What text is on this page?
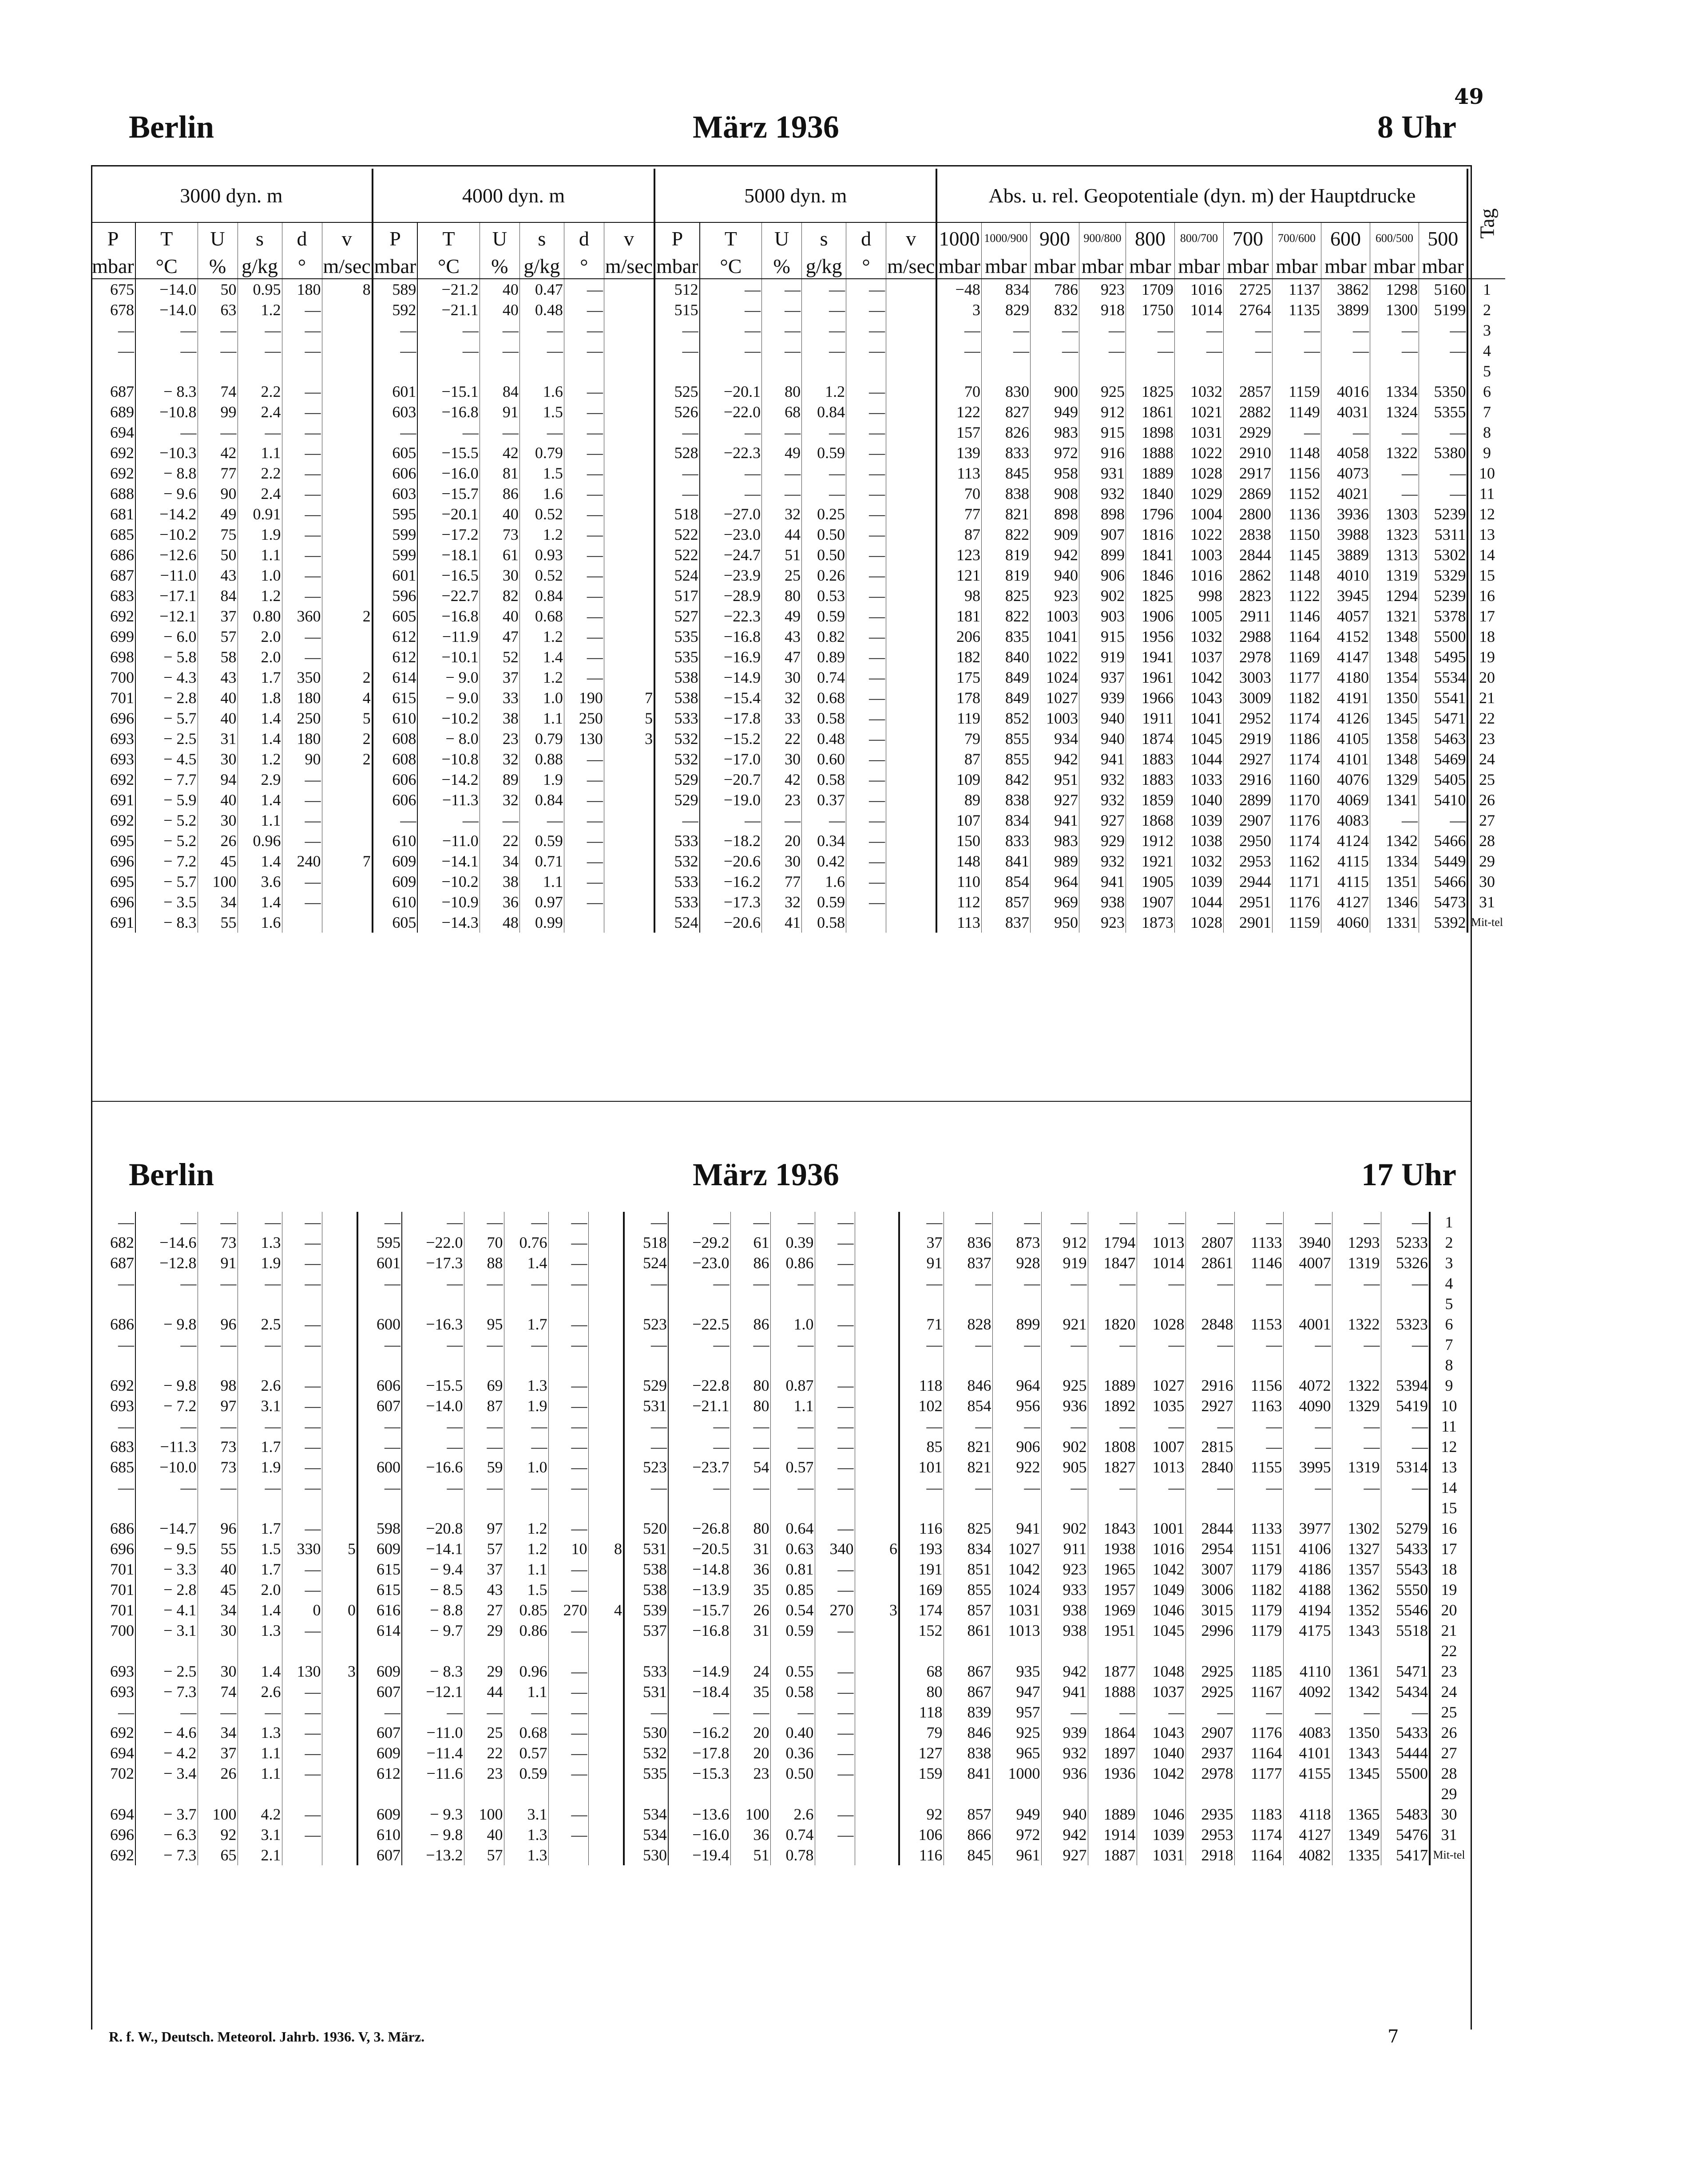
49
Berlin	März 1936	8 Uhr
3000 dyn. m						4000 dyn. m						5000 dyn. m						Abs. u. rel. Geopotentiale (dyn. m) der Hauptdrucke											Tag
P	T	U	s	d	v	P	T	U	s	d	v	P	T	U	s	d	v	1000	1000/900	900	900/800	800	800/700	700	700/600	600	600/500	500	
mbar	°C	%	g/kg	°	m/sec	mbar	°C	%	g/kg	°	m/sec	mbar	°C	%	g/kg	°	m/sec	mbar	mbar	mbar	mbar	mbar	mbar	mbar	mbar	mbar	mbar	mbar	
675	−14.0	50	0.95	180	8	589	−21.2	40	0.47	—		512	—	—	—	—		−48	834	786	923	1709	1016	2725	1137	3862	1298	5160	1
678	−14.0	63	1.2	—		592	−21.1	40	0.48	—		515	—	—	—	—		3	829	832	918	1750	1014	2764	1135	3899	1300	5199	2
—	—	—	—	—		—	—	—	—	—		—	—	—	—	—		—	—	—	—	—	—	—	—	—	—	—	3
—	—	—	—	—		—	—	—	—	—		—	—	—	—	—		—	—	—	—	—	—	—	—	—	—	—	4
																													5
687	− 8.3	74	2.2	—		601	−15.1	84	1.6	—		525	−20.1	80	1.2	—		70	830	900	925	1825	1032	2857	1159	4016	1334	5350	6
689	−10.8	99	2.4	—		603	−16.8	91	1.5	—		526	−22.0	68	0.84	—		122	827	949	912	1861	1021	2882	1149	4031	1324	5355	7
694	—	—	—	—		—	—	—	—	—		—	—	—	—	—		157	826	983	915	1898	1031	2929	—	—	—	—	8
692	−10.3	42	1.1	—		605	−15.5	42	0.79	—		528	−22.3	49	0.59	—		139	833	972	916	1888	1022	2910	1148	4058	1322	5380	9
692	− 8.8	77	2.2	—		606	−16.0	81	1.5	—		—	—	—	—	—		113	845	958	931	1889	1028	2917	1156	4073	—	—	10
688	− 9.6	90	2.4	—		603	−15.7	86	1.6	—		—	—	—	—	—		70	838	908	932	1840	1029	2869	1152	4021	—	—	11
681	−14.2	49	0.91	—		595	−20.1	40	0.52	—		518	−27.0	32	0.25	—		77	821	898	898	1796	1004	2800	1136	3936	1303	5239	12
685	−10.2	75	1.9	—		599	−17.2	73	1.2	—		522	−23.0	44	0.50	—		87	822	909	907	1816	1022	2838	1150	3988	1323	5311	13
686	−12.6	50	1.1	—		599	−18.1	61	0.93	—		522	−24.7	51	0.50	—		123	819	942	899	1841	1003	2844	1145	3889	1313	5302	14
687	−11.0	43	1.0	—		601	−16.5	30	0.52	—		524	−23.9	25	0.26	—		121	819	940	906	1846	1016	2862	1148	4010	1319	5329	15
683	−17.1	84	1.2	—		596	−22.7	82	0.84	—		517	−28.9	80	0.53	—		98	825	923	902	1825	998	2823	1122	3945	1294	5239	16
692	−12.1	37	0.80	360	2	605	−16.8	40	0.68	—		527	−22.3	49	0.59	—		181	822	1003	903	1906	1005	2911	1146	4057	1321	5378	17
699	− 6.0	57	2.0	—		612	−11.9	47	1.2	—		535	−16.8	43	0.82	—		206	835	1041	915	1956	1032	2988	1164	4152	1348	5500	18
698	− 5.8	58	2.0	—		612	−10.1	52	1.4	—		535	−16.9	47	0.89	—		182	840	1022	919	1941	1037	2978	1169	4147	1348	5495	19
700	− 4.3	43	1.7	350	2	614	− 9.0	37	1.2	—		538	−14.9	30	0.74	—		175	849	1024	937	1961	1042	3003	1177	4180	1354	5534	20
701	− 2.8	40	1.8	180	4	615	− 9.0	33	1.0	190	7	538	−15.4	32	0.68	—		178	849	1027	939	1966	1043	3009	1182	4191	1350	5541	21
696	− 5.7	40	1.4	250	5	610	−10.2	38	1.1	250	5	533	−17.8	33	0.58	—		119	852	1003	940	1911	1041	2952	1174	4126	1345	5471	22
693	− 2.5	31	1.4	180	2	608	− 8.0	23	0.79	130	3	532	−15.2	22	0.48	—		79	855	934	940	1874	1045	2919	1186	4105	1358	5463	23
693	− 4.5	30	1.2	90	2	608	−10.8	32	0.88	—		532	−17.0	30	0.60	—		87	855	942	941	1883	1044	2927	1174	4101	1348	5469	24
692	− 7.7	94	2.9	—		606	−14.2	89	1.9	—		529	−20.7	42	0.58	—		109	842	951	932	1883	1033	2916	1160	4076	1329	5405	25
691	− 5.9	40	1.4	—		606	−11.3	32	0.84	—		529	−19.0	23	0.37	—		89	838	927	932	1859	1040	2899	1170	4069	1341	5410	26
692	− 5.2	30	1.1	—		—	—	—	—	—		—	—	—	—	—		107	834	941	927	1868	1039	2907	1176	4083	—	—	27
695	− 5.2	26	0.96	—		610	−11.0	22	0.59	—		533	−18.2	20	0.34	—		150	833	983	929	1912	1038	2950	1174	4124	1342	5466	28
696	− 7.2	45	1.4	240	7	609	−14.1	34	0.71	—		532	−20.6	30	0.42	—		148	841	989	932	1921	1032	2953	1162	4115	1334	5449	29
695	− 5.7	100	3.6	—		609	−10.2	38	1.1	—		533	−16.2	77	1.6	—		110	854	964	941	1905	1039	2944	1171	4115	1351	5466	30
696	− 3.5	34	1.4	—		610	−10.9	36	0.97	—		533	−17.3	32	0.59	—		112	857	969	938	1907	1044	2951	1176	4127	1346	5473	31
691	− 8.3	55	1.6			605	−14.3	48	0.99			524	−20.6	41	0.58			113	837	950	923	1873	1028	2901	1159	4060	1331	5392	Mit-tel
Berlin	März 1936	17 Uhr
—	—	—	—	—		—	—	—	—	—		—	—	—	—	—		—	—	—	—	—	—	—	—	—	—	—	1
682	−14.6	73	1.3	—		595	−22.0	70	0.76	—		518	−29.2	61	0.39	—		37	836	873	912	1794	1013	2807	1133	3940	1293	5233	2
687	−12.8	91	1.9	—		601	−17.3	88	1.4	—		524	−23.0	86	0.86	—		91	837	928	919	1847	1014	2861	1146	4007	1319	5326	3
—	—	—	—	—		—	—	—	—	—		—	—	—	—	—		—	—	—	—	—	—	—	—	—	—	—	4
																													5
686	− 9.8	96	2.5	—		600	−16.3	95	1.7	—		523	−22.5	86	1.0	—		71	828	899	921	1820	1028	2848	1153	4001	1322	5323	6
—	—	—	—	—		—	—	—	—	—		—	—	—	—	—		—	—	—	—	—	—	—	—	—	—	—	7
																													8
692	− 9.8	98	2.6	—		606	−15.5	69	1.3	—		529	−22.8	80	0.87	—		118	846	964	925	1889	1027	2916	1156	4072	1322	5394	9
693	− 7.2	97	3.1	—		607	−14.0	87	1.9	—		531	−21.1	80	1.1	—		102	854	956	936	1892	1035	2927	1163	4090	1329	5419	10
—	—	—	—	—		—	—	—	—	—		—	—	—	—	—		—	—	—	—	—	—	—	—	—	—	—	11
683	−11.3	73	1.7	—		—	—	—	—	—		—	—	—	—	—		85	821	906	902	1808	1007	2815	—	—	—	—	12
685	−10.0	73	1.9	—		600	−16.6	59	1.0	—		523	−23.7	54	0.57	—		101	821	922	905	1827	1013	2840	1155	3995	1319	5314	13
—	—	—	—	—		—	—	—	—	—		—	—	—	—	—		—	—	—	—	—	—	—	—	—	—	—	14
																													15
686	−14.7	96	1.7	—		598	−20.8	97	1.2	—		520	−26.8	80	0.64	—		116	825	941	902	1843	1001	2844	1133	3977	1302	5279	16
696	− 9.5	55	1.5	330	5	609	−14.1	57	1.2	10	8	531	−20.5	31	0.63	340	6	193	834	1027	911	1938	1016	2954	1151	4106	1327	5433	17
701	− 3.3	40	1.7	—		615	− 9.4	37	1.1	—		538	−14.8	36	0.81	—		191	851	1042	923	1965	1042	3007	1179	4186	1357	5543	18
701	− 2.8	45	2.0	—		615	− 8.5	43	1.5	—		538	−13.9	35	0.85	—		169	855	1024	933	1957	1049	3006	1182	4188	1362	5550	19
701	− 4.1	34	1.4	0	0	616	− 8.8	27	0.85	270	4	539	−15.7	26	0.54	270	3	174	857	1031	938	1969	1046	3015	1179	4194	1352	5546	20
700	− 3.1	30	1.3	—		614	− 9.7	29	0.86	—		537	−16.8	31	0.59	—		152	861	1013	938	1951	1045	2996	1179	4175	1343	5518	21
																													22
693	− 2.5	30	1.4	130	3	609	− 8.3	29	0.96	—		533	−14.9	24	0.55	—		68	867	935	942	1877	1048	2925	1185	4110	1361	5471	23
693	− 7.3	74	2.6	—		607	−12.1	44	1.1	—		531	−18.4	35	0.58	—		80	867	947	941	1888	1037	2925	1167	4092	1342	5434	24
—	—	—	—	—		—	—	—	—	—		—	—	—	—	—		118	839	957	—	—	—	—	—	—	—	—	25
692	− 4.6	34	1.3	—		607	−11.0	25	0.68	—		530	−16.2	20	0.40	—		79	846	925	939	1864	1043	2907	1176	4083	1350	5433	26
694	− 4.2	37	1.1	—		609	−11.4	22	0.57	—		532	−17.8	20	0.36	—		127	838	965	932	1897	1040	2937	1164	4101	1343	5444	27
702	− 3.4	26	1.1	—		612	−11.6	23	0.59	—		535	−15.3	23	0.50	—		159	841	1000	936	1936	1042	2978	1177	4155	1345	5500	28
																													29
694	− 3.7	100	4.2	—		609	− 9.3	100	3.1	—		534	−13.6	100	2.6	—		92	857	949	940	1889	1046	2935	1183	4118	1365	5483	30
696	− 6.3	92	3.1	—		610	− 9.8	40	1.3	—		534	−16.0	36	0.74	—		106	866	972	942	1914	1039	2953	1174	4127	1349	5476	31
692	− 7.3	65	2.1			607	−13.2	57	1.3			530	−19.4	51	0.78			116	845	961	927	1887	1031	2918	1164	4082	1335	5417	Mit-tel
R. f. W., Deutsch. Meteorol. Jahrb. 1936. V, 3. März.	7
